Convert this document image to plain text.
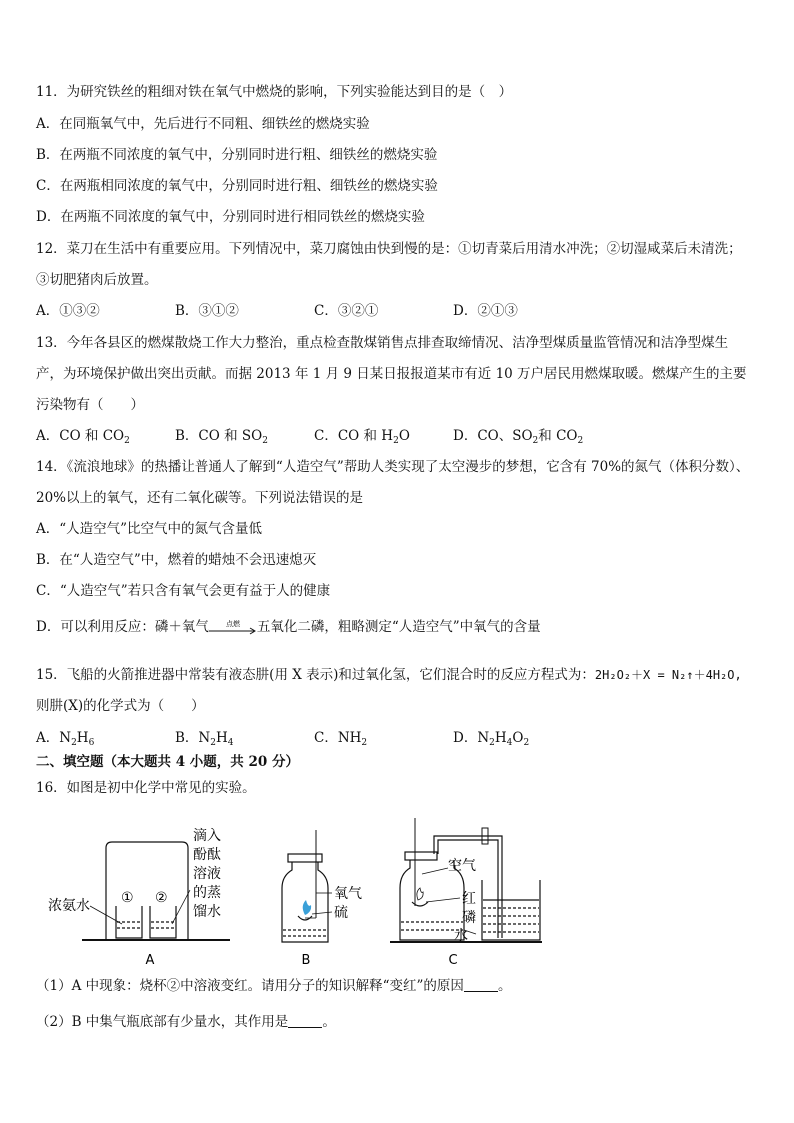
11．为研究铁丝的粗细对铁在氧气中燃烧的影响，下列实验能达到目的是（　）
A．在同瓶氧气中，先后进行不同粗、细铁丝的燃烧实验
B．在两瓶不同浓度的氧气中，分别同时进行粗、细铁丝的燃烧实验
C．在两瓶相同浓度的氧气中，分别同时进行粗、细铁丝的燃烧实验
D．在两瓶不同浓度的氧气中，分别同时进行相同铁丝的燃烧实验
12．菜刀在生活中有重要应用。下列情况中，菜刀腐蚀由快到慢的是：①切青菜后用清水冲洗；②切湿咸菜后未清洗；
③切肥猪肉后放置。
A．①③②	B．③①②	C．③②①	D．②①③
13．今年各县区的燃煤散烧工作大力整治，重点检查散煤销售点排查取缔情况、洁净型煤质量监管情况和洁净型煤生
产，为环境保护做出突出贡献。而据 2013 年 1 月 9 日某日报报道某市有近 10 万户居民用燃煤取暖。燃煤产生的主要
污染物有（　　）
A．CO 和 $CO_2$	B．CO 和 $SO_2$	C．CO 和 $H_2O$	D．CO、$SO_2$和 $CO_2$
14．《流浪地球》的热播让普通人了解到“人造空气”帮助人类实现了太空漫步的梦想，它含有 70%的氮气（体积分数）、
20%以上的氧气，还有二氧化碳等。下列说法错误的是
A．“人造空气”比空气中的氮气含量低
B．在“人造空气”中，燃着的蜡烛不会迅速熄灭
C．“人造空气”若只含有氧气会更有益于人的健康
D．可以利用反应：磷＋氧气 点燃 五氧化二磷，粗略测定“人造空气”中氧气的含量
15．飞船的火箭推进器中常装有液态肼(用 X 表示)和过氧化氢，它们混合时的反应方程式为：2H₂O₂＋X = N₂↑＋4H₂O,
则肼(X)的化学式为（　　）
A．$N_2H_6$	B．$N_2H_4$	C．$NH_2$	D．$N_2H_4O_2$
二、填空题（本大题共 4 小题，共 20 分）
16．如图是初中化学中常见的实验。
浓氨水 ① ②
滴入
酚酞
溶液
的蒸
馏水
A
氧气
硫
B
空气
红
磷
水
C
（1）A 中现象：烧杯②中溶液变红。请用分子的知识解释“变红”的原因	。
（2）B 中集气瓶底部有少量水，其作用是	。
